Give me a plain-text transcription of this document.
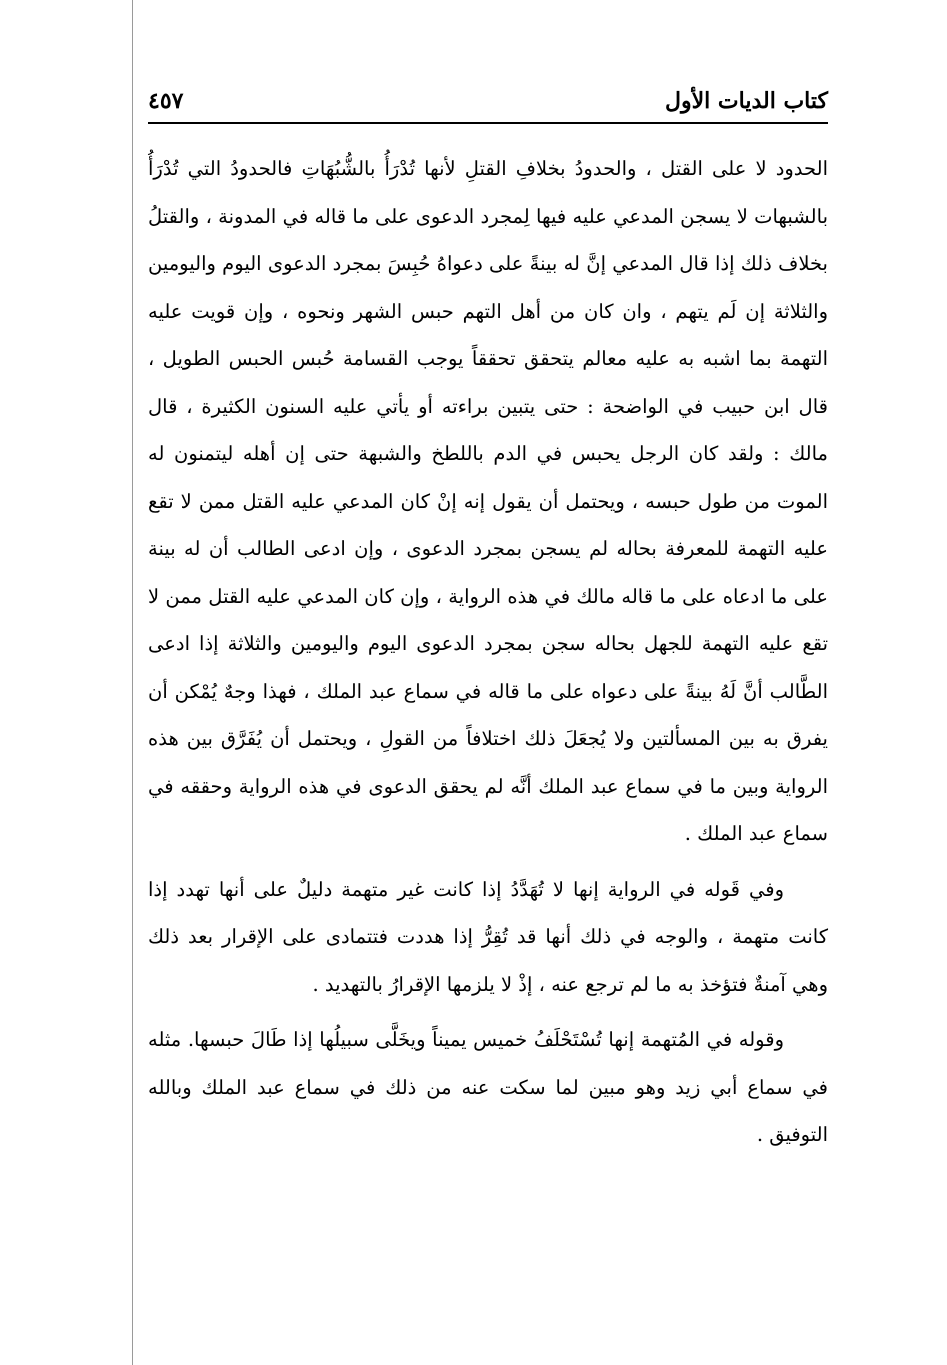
كتاب الديات الأول
٤٥٧

الحدود لا على القتل ، والحدودُ بخلافِ القتلِ لأنها تُدْرَأُ بالشُّبُهَاتِ فالحدودُ التي تُدْرَأُ بالشبهات لا يسجن المدعي عليه فيها لِمجرد الدعوى على ما قاله في المدونة ، والقتلُ بخلاف ذلك إذا قال المدعي إنَّ له بينةً على دعواهُ حُبِسَ بمجرد الدعوى اليوم واليومين والثلاثة إن لَم يتهم ، وان كان من أهل التهم حبس الشهر ونحوه ، وإن قويت عليه التهمة بما اشبه به عليه معالم يتحقق تحققاً يوجب القسامة حُبس الحبس الطويل ، قال ابن حبيب في الواضحة : حتى يتبين براءته أو يأتي عليه السنون الكثيرة ، قال مالك : ولقد كان الرجل يحبس في الدم باللطخ والشبهة حتى إن أهله ليتمنون له الموت من طول حبسه ، ويحتمل أن يقول إنه إنْ كان المدعي عليه القتل ممن لا تقع عليه التهمة للمعرفة بحاله لم يسجن بمجرد الدعوى ، وإن ادعى الطالب أن له بينة على ما ادعاه على ما قاله مالك في هذه الرواية ، وإن كان المدعي عليه القتل ممن لا تقع عليه التهمة للجهل بحاله سجن بمجرد الدعوى اليوم واليومين والثلاثة إذا ادعى الطَّالب أنَّ لَهُ بينةً على دعواه على ما قاله في سماع عبد الملك ، فهذا وجهٌ يُمْكن أن يفرق به بين المسألتين ولا يُجعَلَ ذلك اختلافاً من القولِ ، ويحتمل أن يُفَرَّق بين هذه الرواية وبين ما في سماع عبد الملك أنَّه لم يحقق الدعوى في هذه الرواية وحققه في سماع عبد الملك .

وفي قَوله في الرواية إنها لا تُهَدَّدُ إذا كانت غير متهمة دليلٌ على أنها تهدد إذا كانت متهمة ، والوجه في ذلك أنها قد تُقِرُّ إذا هددت فتتمادى على الإقرار بعد ذلك وهي آمنةٌ فتؤخذ به ما لم ترجع عنه ، إذْ لا يلزمها الإقرارُ بالتهديد .

وقوله في المُتهمة إنها تُسْتَحْلَفُ خميس يميناً ويخَلَّى سبيلُها إذا طَالَ حبسها. مثله في سماع أبي زيد وهو مبين لما سكت عنه من ذلك في سماع عبد الملك وبالله التوفيق .
